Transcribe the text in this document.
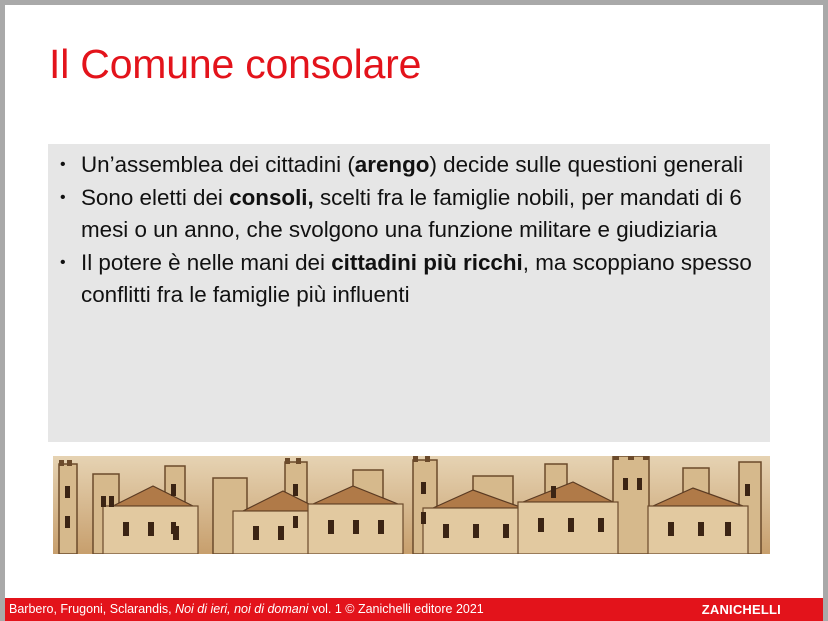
Il Comune consolare
• Un’assemblea dei cittadini (arengo) decide sulle questioni generali
• Sono eletti dei consoli, scelti fra le famiglie nobili, per mandati di 6 mesi o un anno, che svolgono una funzione militare e giudiziaria
• Il potere è nelle mani dei cittadini più ricchi, ma scoppiano spesso conflitti fra le famiglie più influenti
Barbero, Frugoni, Sclarandis, Noi di ieri, noi di domani vol. 1 © Zanichelli editore 2021	ZANICHELLI
